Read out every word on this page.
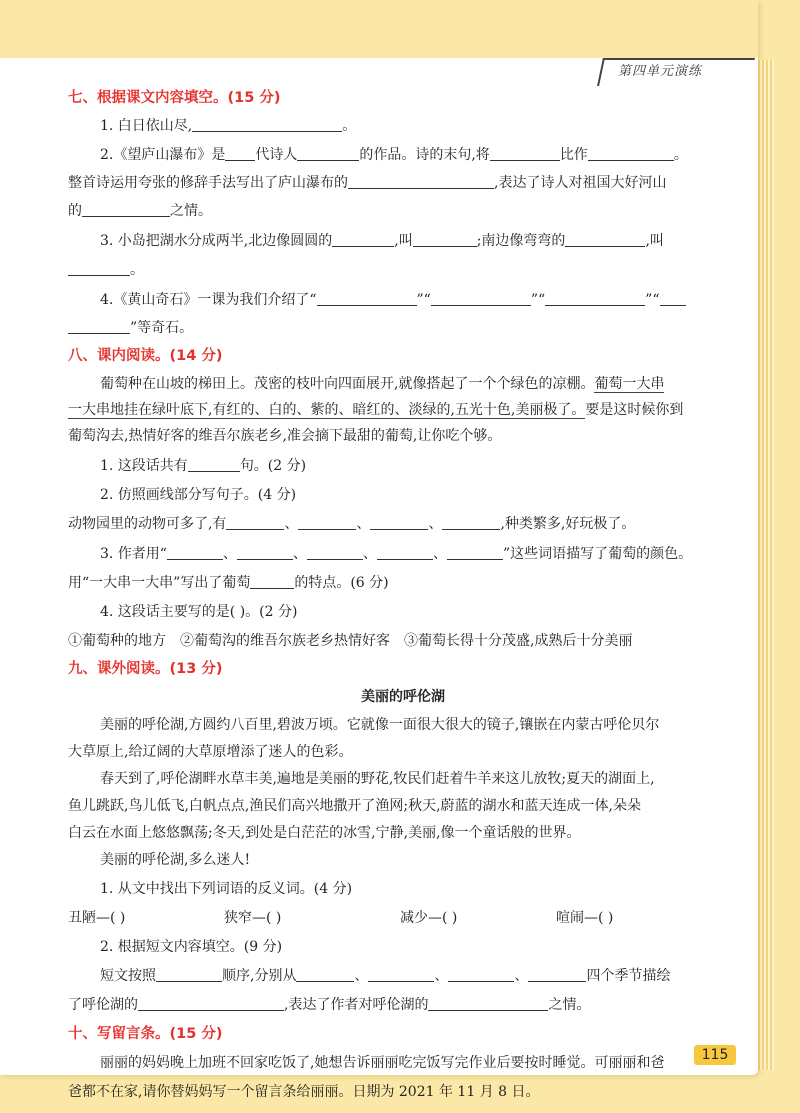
第四单元演练

七、根据课文内容填空。(15 分)

1. 白日依山尽,	。

2.《望庐山瀑布》是 代诗人	的作品。诗的末句,将	比作	。

整首诗运用夸张的修辞手法写出了庐山瀑布的	,表达了诗人对祖国大好河山

的	之情。

3. 小岛把湖水分成两半,北边像圆圆的	,叫	;南边像弯弯的	,叫

。

4.《黄山奇石》一课为我们介绍了“	”“	”“	”“

”等奇石。

八、课内阅读。(14 分)

葡萄种在山坡的梯田上。茂密的枝叶向四面展开,就像搭起了一个个绿色的凉棚。葡萄一大串

一大串地挂在绿叶底下,有红的、白的、紫的、暗红的、淡绿的,五光十色,美丽极了。要是这时候你到

葡萄沟去,热情好客的维吾尔族老乡,准会摘下最甜的葡萄,让你吃个够。

1. 这段话共有	句。(2 分)

2. 仿照画线部分写句子。(4 分)

动物园里的动物可多了,有	、	、	、	,种类繁多,好玩极了。

3. 作者用“	、	、	、	、	”这些词语描写了葡萄的颜色。

用“一大串一大串”写出了葡萄	的特点。(6 分)

4. 这段话主要写的是( )。(2 分)

①葡萄种的地方 ②葡萄沟的维吾尔族老乡热情好客 ③葡萄长得十分茂盛,成熟后十分美丽

九、课外阅读。(13 分)

美丽的呼伦湖

美丽的呼伦湖,方圆约八百里,碧波万顷。它就像一面很大很大的镜子,镶嵌在内蒙古呼伦贝尔

大草原上,给辽阔的大草原增添了迷人的色彩。

春天到了,呼伦湖畔水草丰美,遍地是美丽的野花,牧民们赶着牛羊来这儿放牧;夏天的湖面上,

鱼儿跳跃,鸟儿低飞,白帆点点,渔民们高兴地撒开了渔网;秋天,蔚蓝的湖水和蓝天连成一体,朵朵

白云在水面上悠悠飘荡;冬天,到处是白茫茫的冰雪,宁静,美丽,像一个童话般的世界。

美丽的呼伦湖,多么迷人!

1. 从文中找出下列词语的反义词。(4 分)

丑陋—( )	狭窄—( )	减少—( )	喧闹—( )

2. 根据短文内容填空。(9 分)

短文按照	顺序,分别从	、	、	、	四个季节描绘

了呼伦湖的	,表达了作者对呼伦湖的	之情。

十、写留言条。(15 分)

丽丽的妈妈晚上加班不回家吃饭了,她想告诉丽丽吃完饭写完作业后要按时睡觉。可丽丽和爸

爸都不在家,请你替妈妈写一个留言条给丽丽。日期为 2021 年 11 月 8 日。

115
